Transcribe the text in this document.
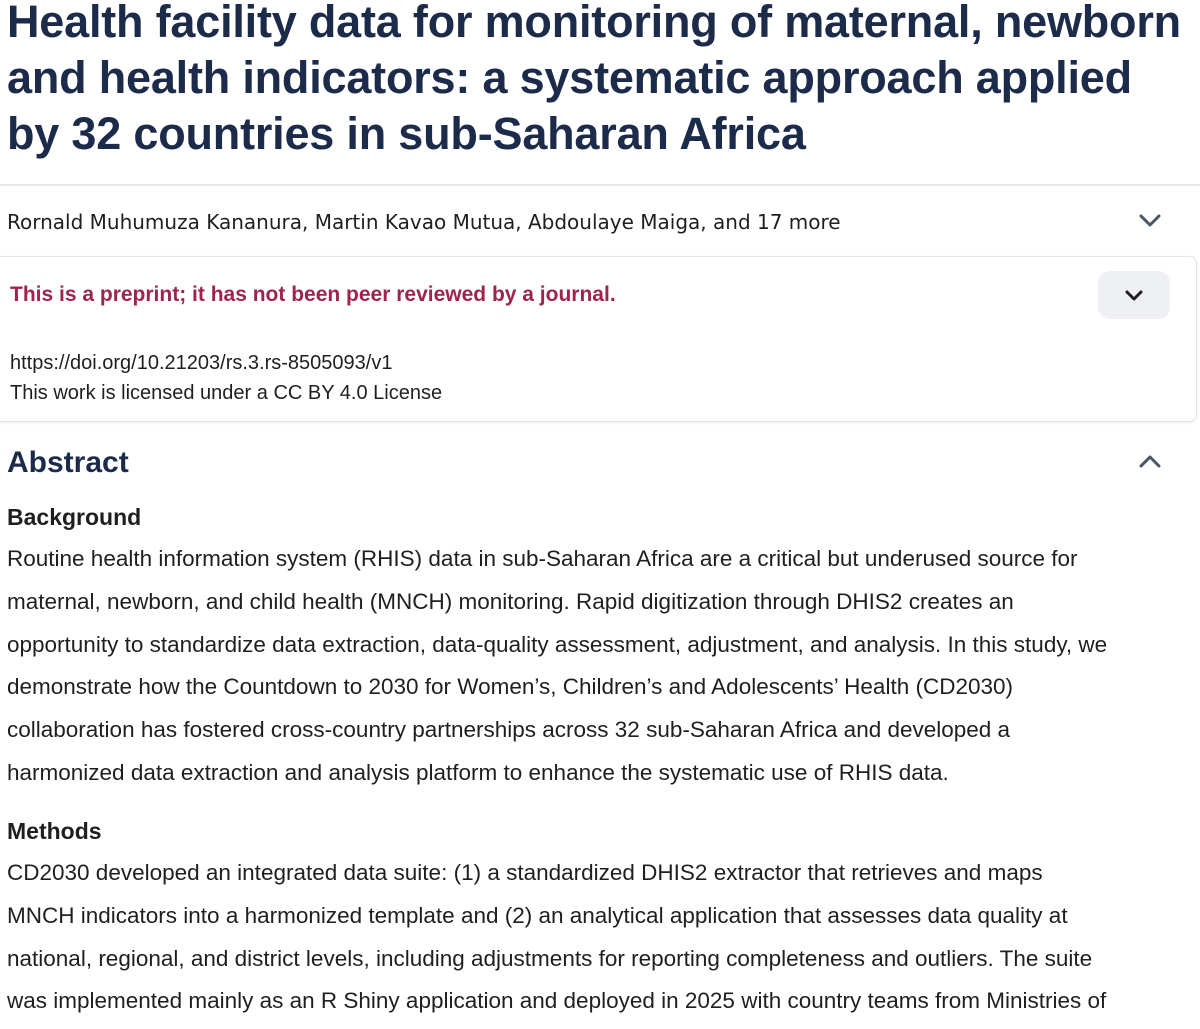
Health facility data for monitoring of maternal, newborn and health indicators: a systematic approach applied by 32 countries in sub-Saharan Africa
Rornald Muhumuza Kananura, Martin Kavao Mutua, Abdoulaye Maiga, and 17 more
This is a preprint; it has not been peer reviewed by a journal.
https://doi.org/10.21203/rs.3.rs-8505093/v1
This work is licensed under a CC BY 4.0 License
Abstract
Background

Routine health information system (RHIS) data in sub-Saharan Africa are a critical but underused source for
maternal, newborn, and child health (MNCH) monitoring. Rapid digitization through DHIS2 creates an
opportunity to standardize data extraction, data-quality assessment, adjustment, and analysis. In this study, we
demonstrate how the Countdown to 2030 for Women’s, Children’s and Adolescents’ Health (CD2030)
collaboration has fostered cross-country partnerships across 32 sub-Saharan Africa and developed a
harmonized data extraction and analysis platform to enhance the systematic use of RHIS data.

Methods

CD2030 developed an integrated data suite: (1) a standardized DHIS2 extractor that retrieves and maps
MNCH indicators into a harmonized template and (2) an analytical application that assesses data quality at
national, regional, and district levels, including adjustments for reporting completeness and outliers. The suite
was implemented mainly as an R Shiny application and deployed in 2025 with country teams from Ministries of
